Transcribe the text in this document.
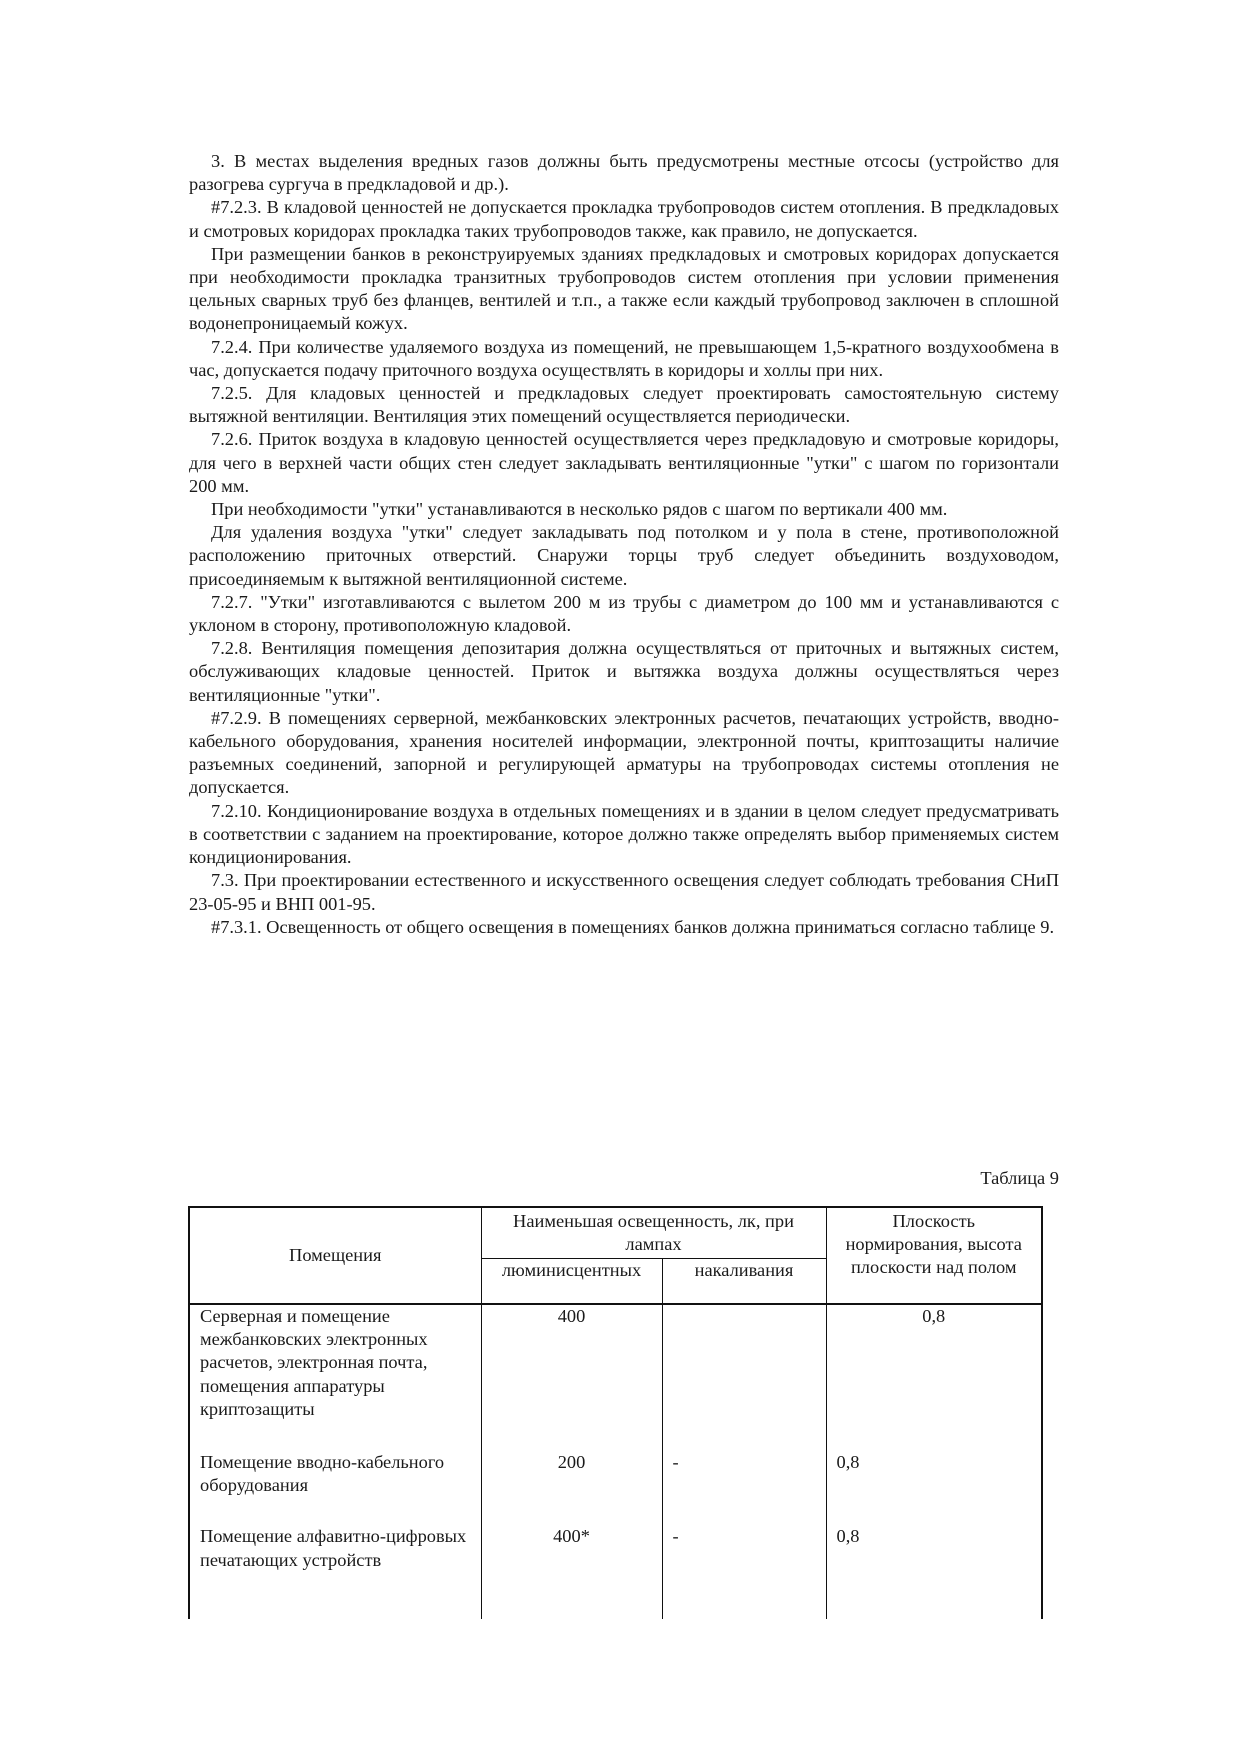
3. В местах выделения вредных газов должны быть предусмотрены местные отсосы (устройство для разогрева сургуча в предкладовой и др.).

#7.2.3. В кладовой ценностей не допускается прокладка трубопроводов систем отопления. В предкладовых и смотровых коридорах прокладка таких трубопроводов также, как правило, не допускается.

При размещении банков в реконструируемых зданиях предкладовых и смотровых коридорах допускается при необходимости прокладка транзитных трубопроводов систем отопления при условии применения цельных сварных труб без фланцев, вентилей и т.п., а также если каждый трубопровод заключен в сплошной водонепроницаемый кожух.

7.2.4. При количестве удаляемого воздуха из помещений, не превышающем 1,5-кратного воздухообмена в час, допускается подачу приточного воздуха осуществлять в коридоры и холлы при них.

7.2.5. Для кладовых ценностей и предкладовых следует проектировать самостоятельную систему вытяжной вентиляции. Вентиляция этих помещений осуществляется периодически.

7.2.6. Приток воздуха в кладовую ценностей осуществляется через предкладовую и смотровые коридоры, для чего в верхней части общих стен следует закладывать вентиляционные "утки" с шагом по горизонтали 200 мм.

При необходимости "утки" устанавливаются в несколько рядов с шагом по вертикали 400 мм.

Для удаления воздуха "утки" следует закладывать под потолком и у пола в стене, противоположной расположению приточных отверстий. Снаружи торцы труб следует объединить воздуховодом, присоединяемым к вытяжной вентиляционной системе.

7.2.7. "Утки" изготавливаются с вылетом 200 м из трубы с диаметром до 100 мм и устанавливаются с уклоном в сторону, противоположную кладовой.

7.2.8. Вентиляция помещения депозитария должна осуществляться от приточных и вытяжных систем, обслуживающих кладовые ценностей. Приток и вытяжка воздуха должны осуществляться через вентиляционные "утки".

#7.2.9. В помещениях серверной, межбанковских электронных расчетов, печатающих устройств, вводно-кабельного оборудования, хранения носителей информации, электронной почты, криптозащиты наличие разъемных соединений, запорной и регулирующей арматуры на трубопроводах системы отопления не допускается.

7.2.10. Кондиционирование воздуха в отдельных помещениях и в здании в целом следует предусматривать в соответствии с заданием на проектирование, которое должно также определять выбор применяемых систем кондиционирования.

7.3. При проектировании естественного и искусственного освещения следует соблюдать требования СНиП 23-05-95 и ВНП 001-95.

#7.3.1. Освещенность от общего освещения в помещениях банков должна приниматься согласно таблице 9.

Таблица 9

Помещения	Наименьшая освещенность, лк, при лампах		Плоскость нормирования, высота плоскости над полом
	люминисцентных	накаливания	
Серверная и помещение межбанковских электронных расчетов, электронная почта, помещения аппаратуры криптозащиты	400		0,8

Помещение вводно-кабельного оборудования	200	-	0,8

Помещение алфавитно-цифровых печатающих устройств	400*	-	0,8
